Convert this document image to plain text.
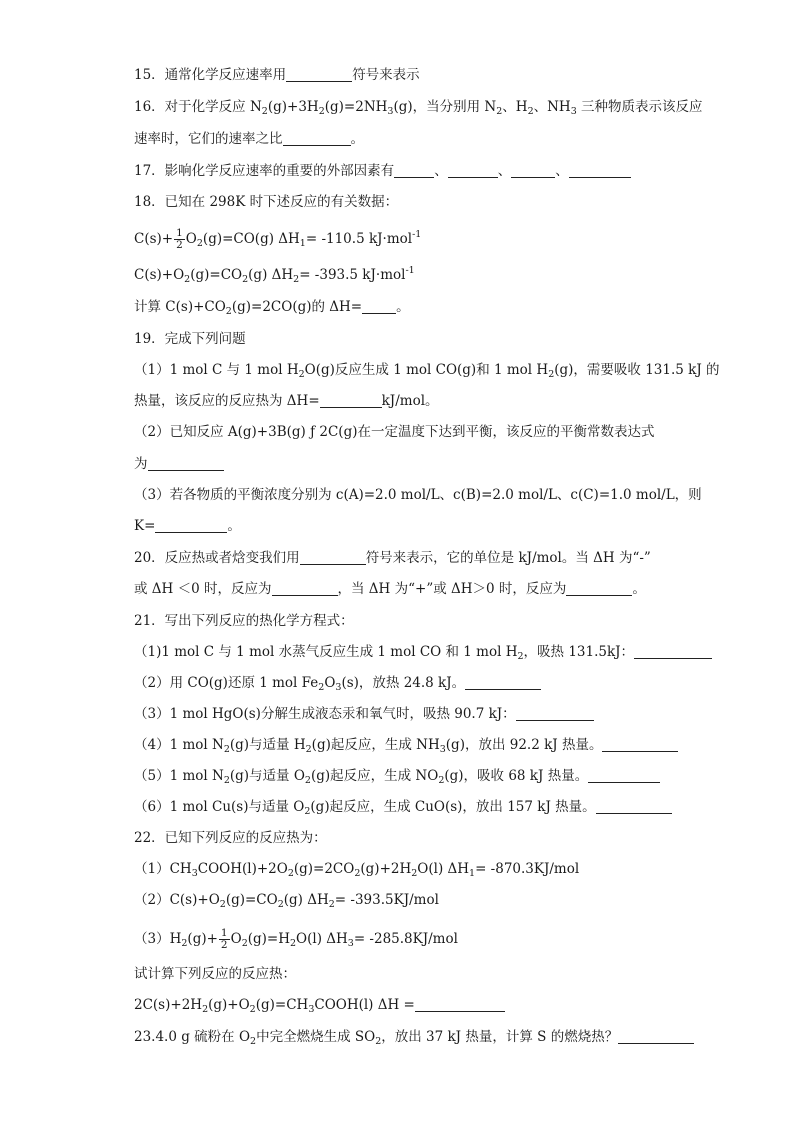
15．通常化学反应速率用	符号来表示
16．对于化学反应 $N_2(g)+3H_2(g)=2NH_3(g)$，当分别用 $N_2$、$H_2$、$NH_3$ 三种物质表示该反应
速率时，它们的速率之比	。
17．影响化学反应速率的重要的外部因素有	、	、	、
18．已知在 298K 时下述反应的有关数据：
$C(s)+ \frac{1}{2} O_2(g)=CO(g)$ $\Delta H_1= -110.5$ kJ·mol$^{-1}$
$C(s)+O_2(g)=CO_2(g)$ $\Delta H_2= -393.5$ kJ·mol$^{-1}$
计算 $C(s)+CO_2(g)=2CO(g)$的 ΔH=	。
19．完成下列问题
（1）1 mol C 与 1 mol $H_2O(g)$反应生成 1 mol CO(g)和 1 mol $H_2(g)$，需要吸收 131.5 kJ 的
热量，该反应的反应热为 ΔH=	kJ/mol。
（2）已知反应 A(g)+3B(g) ƒ 2C(g)在一定温度下达到平衡，该反应的平衡常数表达式
为
（3）若各物质的平衡浓度分别为 c(A)=2.0 mol/L、c(B)=2.0 mol/L、c(C)=1.0 mol/L，则
K=	。
20．反应热或者焓变我们用	符号来表示，它的单位是 kJ/mol。当 ΔH 为“-”
或 ΔH ＜0 时，反应为	，当 ΔH 为“+”或 ΔH＞0 时，反应为	。
21．写出下列反应的热化学方程式：
（1)1 mol C 与 1 mol 水蒸气反应生成 1 mol CO 和 1 mol $H_2$，吸热 131.5kJ：
（2）用 CO(g)还原 1 mol $Fe_2O_3(s)$，放热 24.8 kJ。
（3）1 mol HgO(s)分解生成液态汞和氧气时，吸热 90.7 kJ：
（4）1 mol $N_2(g)$与适量 $H_2(g)$起反应，生成 $NH_3(g)$，放出 92.2 kJ 热量。
（5）1 mol $N_2(g)$与适量 $O_2(g)$起反应，生成 $NO_2(g)$，吸收 68 kJ 热量。
（6）1 mol Cu(s)与适量 $O_2(g)$起反应，生成 CuO(s)，放出 157 kJ 热量。
22．已知下列反应的反应热为：
$(1)CH_3COOH(l)+2O_2(g)=2CO_2(g)+2H_2O(l)$ $\Delta H_1= -870.3KJ/mol$
$(2)C(s)+O_2(g)=CO_2(g)$ $\Delta H_2= -393.5KJ/mol$
$(3)H_2(g)+ \frac{1}{2} O_2(g)=H_2O(l)$ $\Delta H_3= -285.8KJ/mol$
试计算下列反应的反应热：
$2C(s)+2H_2(g)+O_2(g)=CH_3COOH(l) \Delta H$ =
23.4.0 g 硫粉在 $O_2$中完全燃烧生成 $SO_2$，放出 37 kJ 热量，计算 S 的燃烧热？
